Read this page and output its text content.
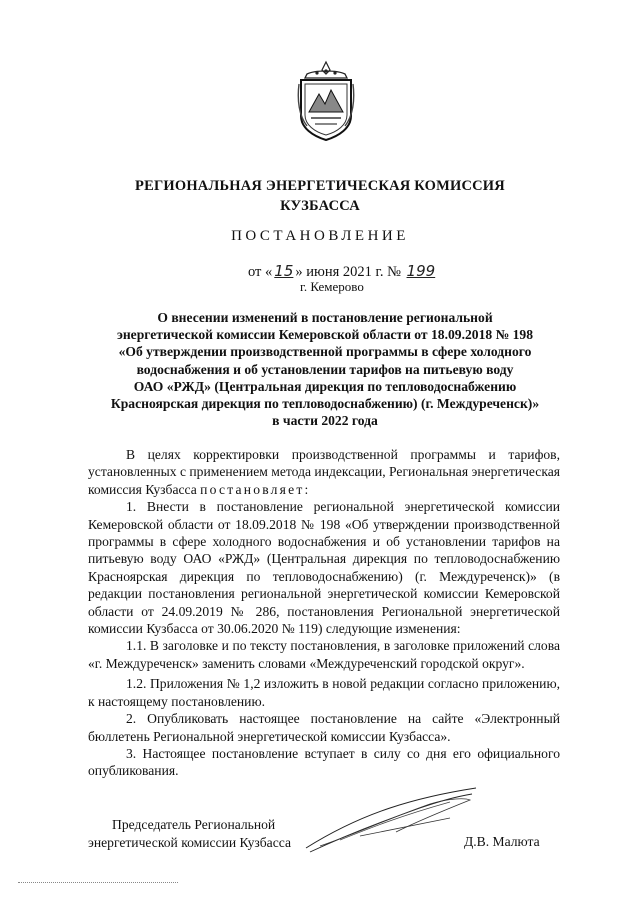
РЕГИОНАЛЬНАЯ ЭНЕРГЕТИЧЕСКАЯ КОМИССИЯ
КУЗБАССА
ПОСТАНОВЛЕНИЕ
от « 15 » июня 2021 г. № 199
г. Кемерово
О внесении изменений в постановление региональной
энергетической комиссии Кемеровской области от 18.09.2018 № 198
«Об утверждении производственной программы в сфере холодного
водоснабжения и об установлении тарифов на питьевую воду
ОАО «РЖД» (Центральная дирекция по тепловодоснабжению
Красноярская дирекция по тепловодоснабжению) (г. Междуреченск)»
в части 2022 года

В целях корректировки производственной программы и тарифов, установленных с применением метода индексации, Региональная энергетическая комиссия Кузбасса постановляет:

1. Внести в постановление региональной энергетической комиссии Кемеровской области от 18.09.2018 № 198 «Об утверждении производственной программы в сфере холодного водоснабжения и об установлении тарифов на питьевую воду ОАО «РЖД» (Центральная дирекция по тепловодоснабжению Красноярская дирекция по тепловодоснабжению) (г. Междуреченск)» (в редакции постановления региональной энергетической комиссии Кемеровской области от 24.09.2019 № 286, постановления Региональной энергетической комиссии Кузбасса от 30.06.2020 № 119) следующие изменения:

1.1. В заголовке и по тексту постановления, в заголовке приложений слова «г. Междуреченск» заменить словами «Междуреченский городской округ».

1.2. Приложения № 1,2 изложить в новой редакции согласно приложению, к настоящему постановлению.

2. Опубликовать настоящее постановление на сайте «Электронный бюллетень Региональной энергетической комиссии Кузбасса».

3. Настоящее постановление вступает в силу со дня его официального опубликования.

Председатель Региональной
энергетической комиссии Кузбасса	Д.В. Малюта
